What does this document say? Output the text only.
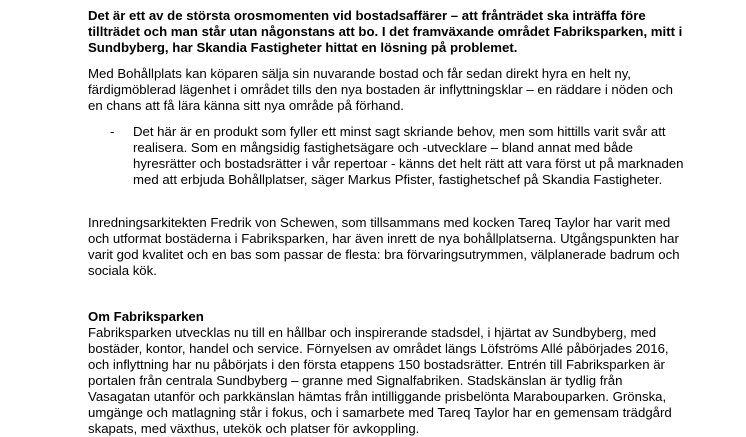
Det är ett av de största orosmomenten vid bostadsaffärer – att frånträdet ska inträffa före tillträdet och man står utan någonstans att bo. I det framväxande området Fabriksparken, mitt i Sundbyberg, har Skandia Fastigheter hittat en lösning på problemet.

Med Bohållplats kan köparen sälja sin nuvarande bostad och får sedan direkt hyra en helt ny, färdigmöblerad lägenhet i området tills den nya bostaden är inflyttningsklar – en räddare i nöden och en chans att få lära känna sitt nya område på förhand.

- Det här är en produkt som fyller ett minst sagt skriande behov, men som hittills varit svår att realisera. Som en mångsidig fastighetsägare och -utvecklare – bland annat med både hyresrätter och bostadsrätter i vår repertoar - känns det helt rätt att vara först ut på marknaden med att erbjuda Bohållplatser, säger Markus Pfister, fastighetschef på Skandia Fastigheter.

Inredningsarkitekten Fredrik von Schewen, som tillsammans med kocken Tareq Taylor har varit med och utformat bostäderna i Fabriksparken, har även inrett de nya bohållplatserna. Utgångspunkten har varit god kvalitet och en bas som passar de flesta: bra förvaringsutrymmen, välplanerade badrum och sociala kök.

Om Fabriksparken

Fabriksparken utvecklas nu till en hållbar och inspirerande stadsdel, i hjärtat av Sundbyberg, med bostäder, kontor, handel och service. Förnyelsen av området längs Löfströms Allé påbörjades 2016, och inflyttning har nu påbörjats i den första etappens 150 bostadsrätter. Entrén till Fabriksparken är portalen från centrala Sundbyberg – granne med Signalfabriken. Stadskänslan är tydlig från Vasagatan utanför och parkkänslan hämtas från intilliggande prisbelönta Marabouparken. Grönska, umgänge och matlagning står i fokus, och i samarbete med Tareq Taylor har en gemensam trädgård skapats, med växthus, utekök och platser för avkoppling.
